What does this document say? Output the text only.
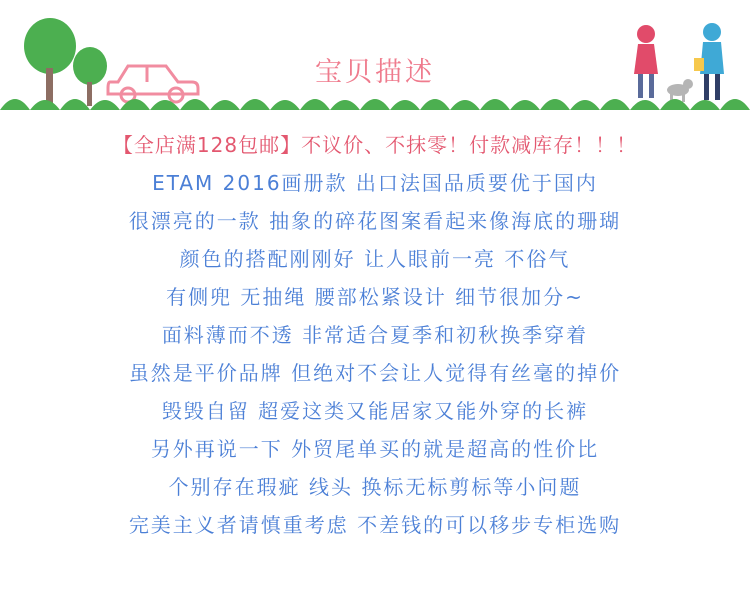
宝贝描述
【全店满128包邮】不议价、不抹零！付款减库存！！！
ETAM 2016画册款 出口法国品质要优于国内
很漂亮的一款 抽象的碎花图案看起来像海底的珊瑚
颜色的搭配刚刚好 让人眼前一亮 不俗气
有侧兜 无抽绳 腰部松紧设计 细节很加分~
面料薄而不透 非常适合夏季和初秋换季穿着
虽然是平价品牌 但绝对不会让人觉得有丝毫的掉价
毁毁自留 超爱这类又能居家又能外穿的长裤
另外再说一下 外贸尾单买的就是超高的性价比
个别存在瑕疵 线头 换标无标剪标等小问题
完美主义者请慎重考虑 不差钱的可以移步专柜选购
